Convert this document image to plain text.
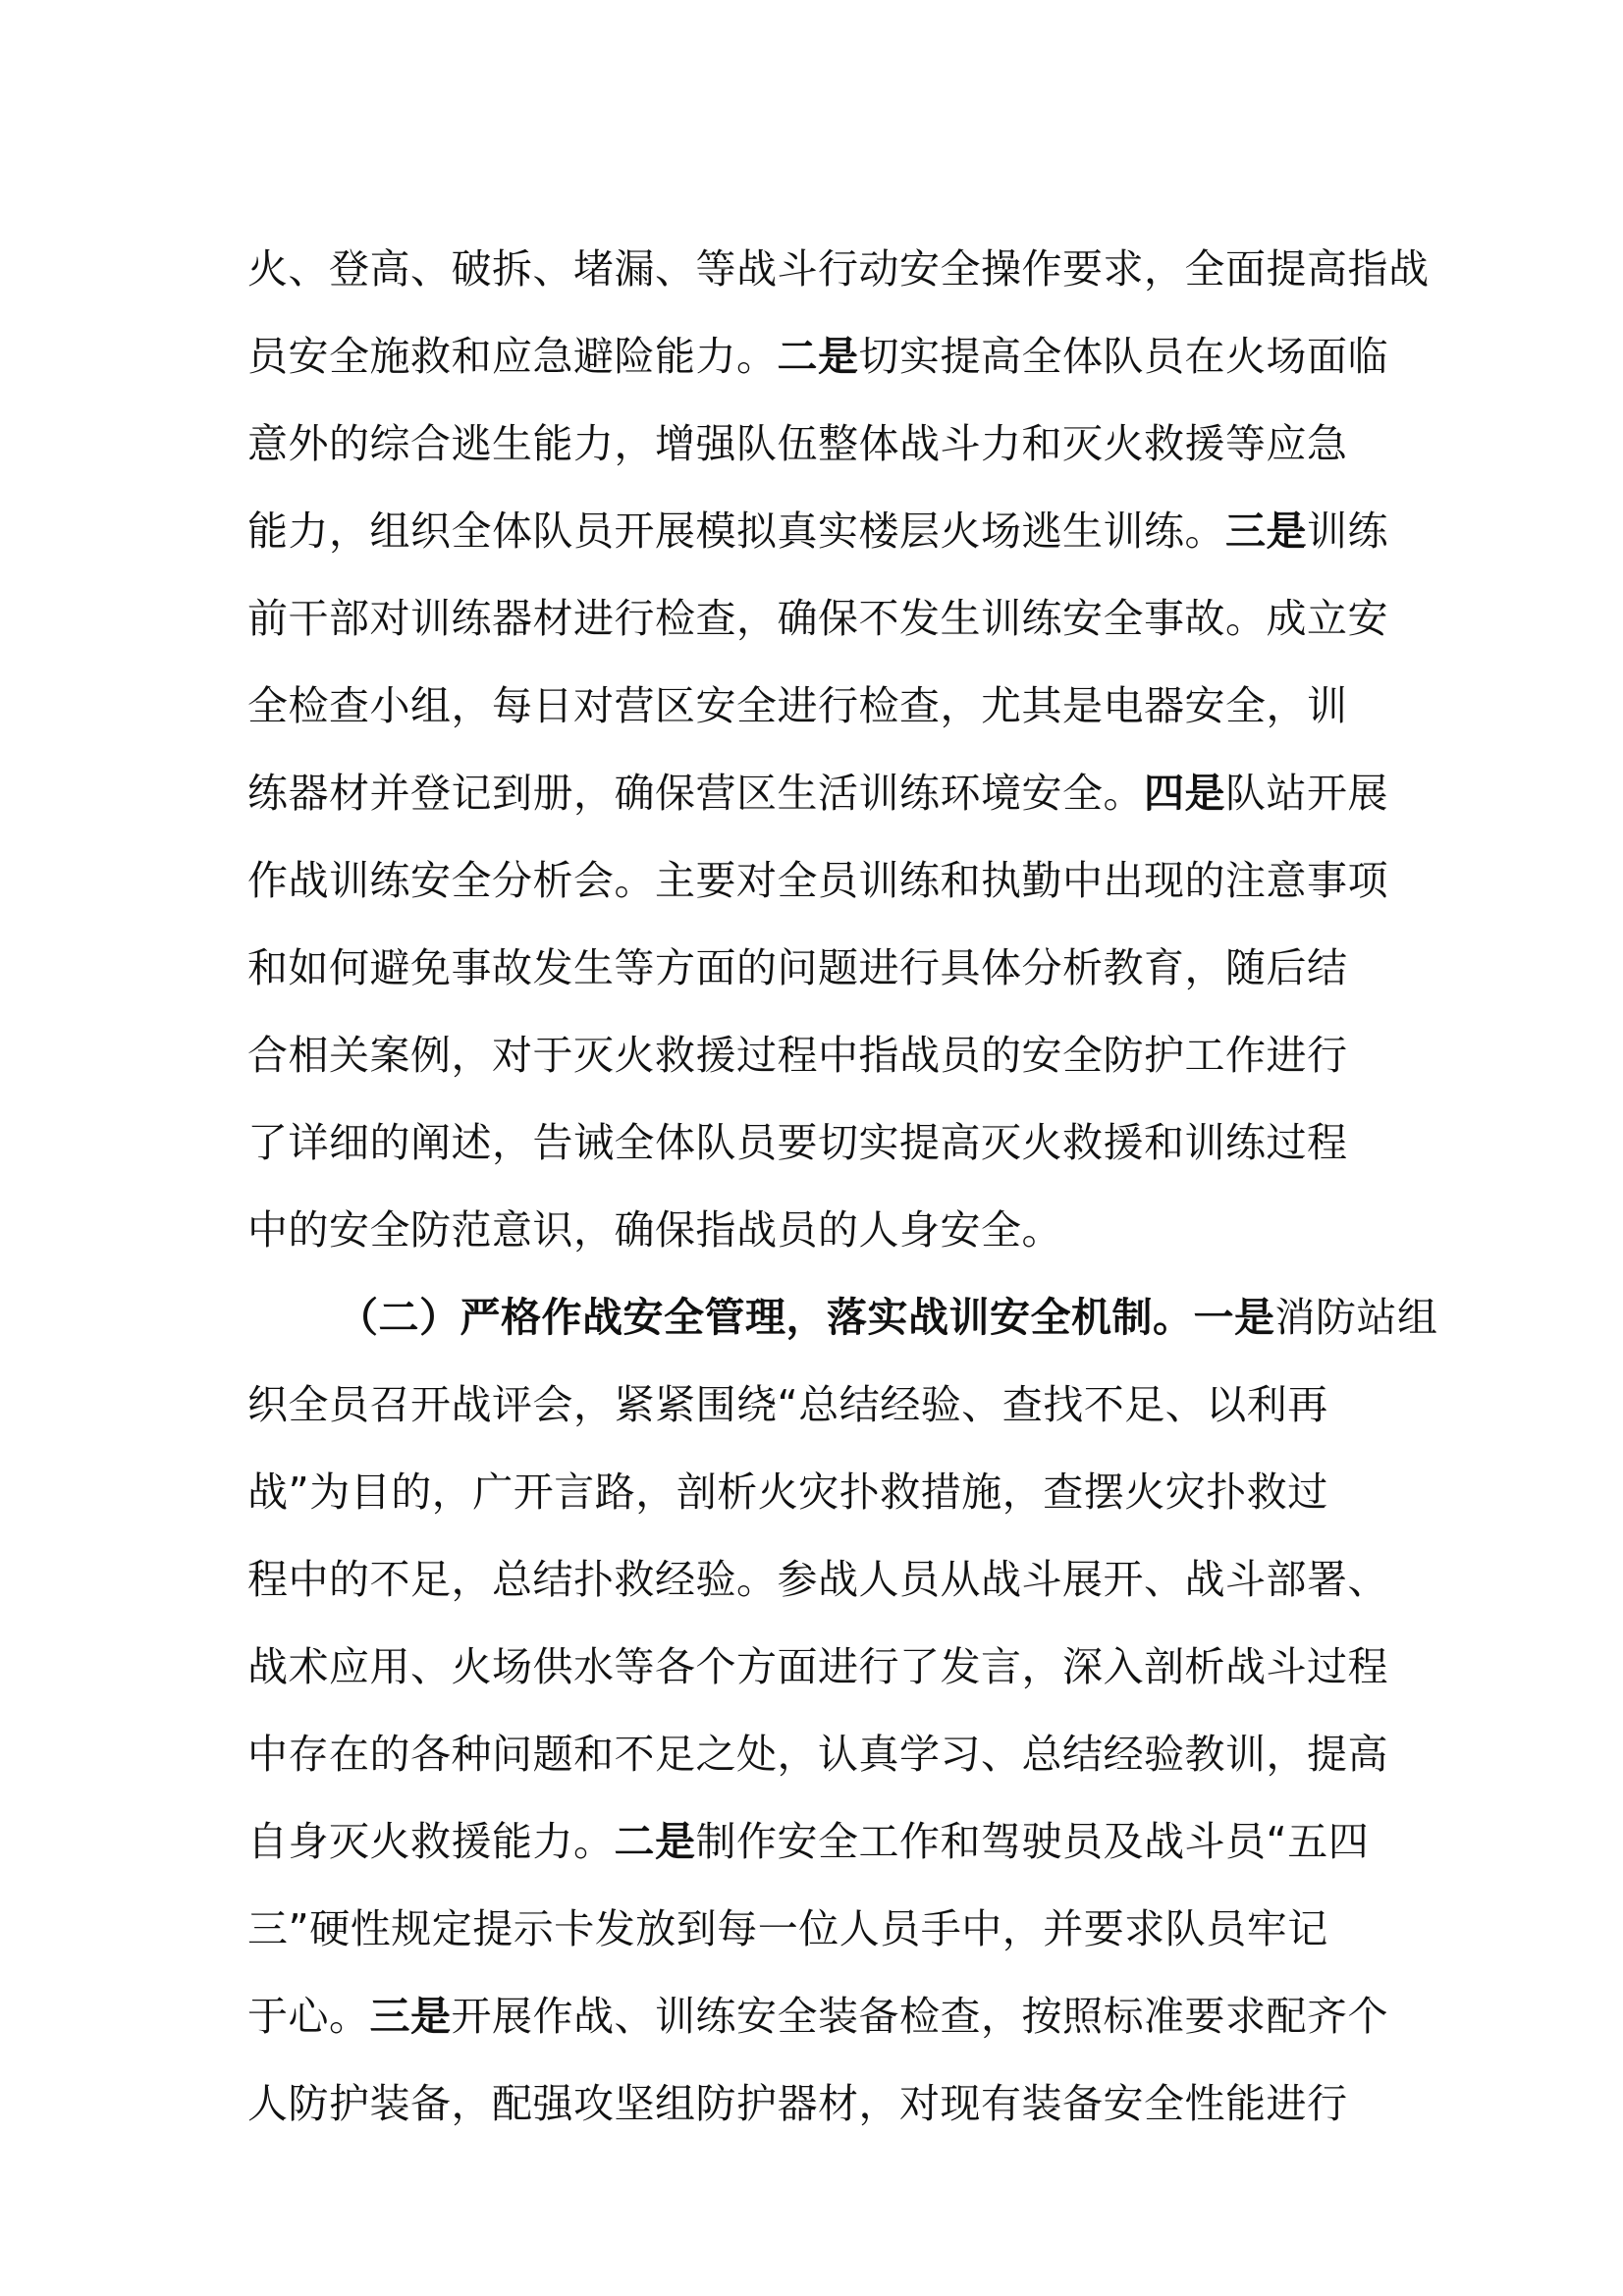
火、登高、破拆、堵漏、等战斗行动安全操作要求，全面提高指战
员安全施救和应急避险能力。二是切实提高全体队员在火场面临
意外的综合逃生能力，增强队伍整体战斗力和灭火救援等应急
能力，组织全体队员开展模拟真实楼层火场逃生训练。三是训练
前干部对训练器材进行检查，确保不发生训练安全事故。成立安
全检查小组，每日对营区安全进行检查，尤其是电器安全，训
练器材并登记到册，确保营区生活训练环境安全。四是队站开展
作战训练安全分析会。主要对全员训练和执勤中出现的注意事项
和如何避免事故发生等方面的问题进行具体分析教育，随后结
合相关案例，对于灭火救援过程中指战员的安全防护工作进行
了详细的阐述，告诫全体队员要切实提高灭火救援和训练过程
中的安全防范意识，确保指战员的人身安全。
（二）严格作战安全管理，落实战训安全机制。一是消防站组
织全员召开战评会，紧紧围绕“总结经验、查找不足、以利再
战”为目的，广开言路，剖析火灾扑救措施，查摆火灾扑救过
程中的不足，总结扑救经验。参战人员从战斗展开、战斗部署、
战术应用、火场供水等各个方面进行了发言，深入剖析战斗过程
中存在的各种问题和不足之处，认真学习、总结经验教训，提高
自身灭火救援能力。二是制作安全工作和驾驶员及战斗员“五四
三”硬性规定提示卡发放到每一位人员手中，并要求队员牢记
于心。三是开展作战、训练安全装备检查，按照标准要求配齐个
人防护装备，配强攻坚组防护器材，对现有装备安全性能进行
